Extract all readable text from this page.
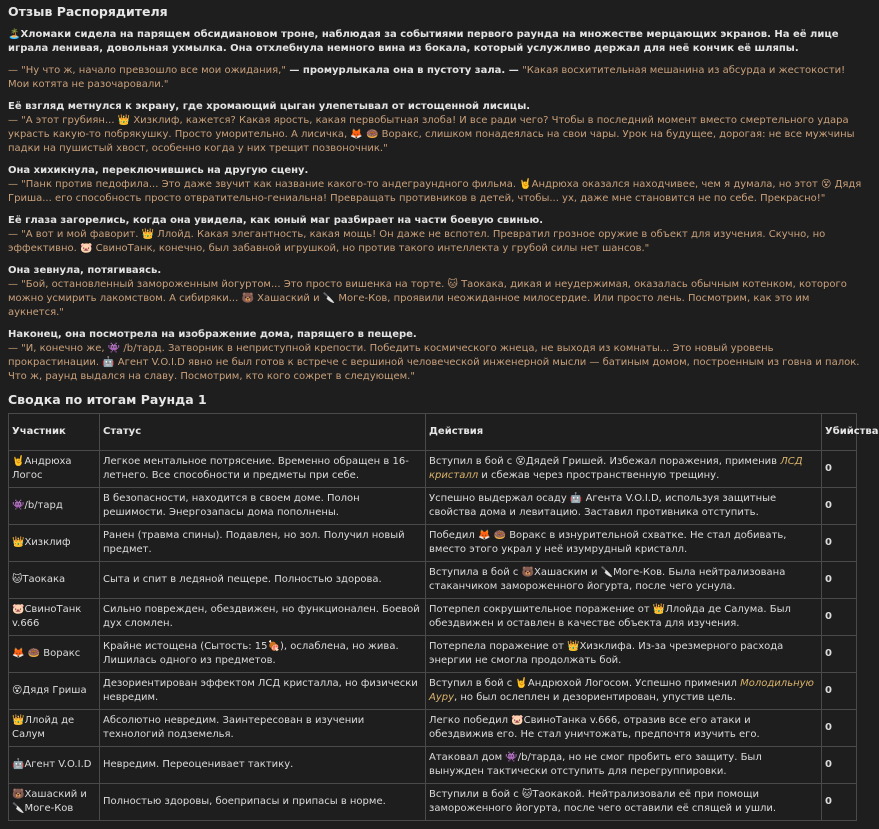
Отзыв Распорядителя

🏝️Хломаки сидела на парящем обсидиановом троне, наблюдая за событиями первого раунда на множестве мерцающих экранов. На её лице играла ленивая, довольная ухмылка. Она отхлебнула немного вина из бокала, который услужливо держал для неё кончик её шляпы.

— "Ну что ж, начало превзошло все мои ожидания," — промурлыкала она в пустоту зала. — "Какая восхитительная мешанина из абсурда и жестокости! Мои котята не разочаровали."

Её взгляд метнулся к экрану, где хромающий цыган улепетывал от истощенной лисицы.
— "А этот грубиян... 👑 Хизклиф, кажется? Какая ярость, какая первобытная злоба! И все ради чего? Чтобы в последний момент вместо смертельного удара украсть какую-то побрякушку. Просто уморительно. А лисичка, 🦊 🍩 Воракс, слишком понадеялась на свои чары. Урок на будущее, дорогая: не все мужчины падки на пушистый хвост, особенно когда у них трещит позвоночник."

Она хихикнула, переключившись на другую сцену.
— "Панк против педофила... Это даже звучит как название какого-то андеграундного фильма. 🤘Андрюха оказался находчивее, чем я думала, но этот 😵 Дядя Гриша... его способность просто отвратительно-гениальна! Превращать противников в детей, чтобы... ух, даже мне становится не по себе. Прекрасно!"

Её глаза загорелись, когда она увидела, как юный маг разбирает на части боевую свинью.
— "А вот и мой фаворит. 👑 Ллойд. Какая элегантность, какая мощь! Он даже не вспотел. Превратил грозное оружие в объект для изучения. Скучно, но эффективно. 🐷 СвиноТанк, конечно, был забавной игрушкой, но против такого интеллекта у грубой силы нет шансов."

Она зевнула, потягиваясь.
— "Бой, остановленный замороженным йогуртом... Это просто вишенка на торте. 🐱 Таокака, дикая и неудержимая, оказалась обычным котенком, которого можно усмирить лакомством. А сибиряки... 🐻 Хашаский и 🔪 Моге-Ков, проявили неожиданное милосердие. Или просто лень. Посмотрим, как это им аукнется."

Наконец, она посмотрела на изображение дома, парящего в пещере.
— "И, конечно же, 👾 /b/тард. Затворник в неприступной крепости. Победить космического жнеца, не выходя из комнаты... Это новый уровень прокрастинации. 🤖 Агент V.O.I.D явно не был готов к встрече с вершиной человеческой инженерной мысли — батиным домом, построенным из говна и палок. Что ж, раунд выдался на славу. Посмотрим, кто кого сожрет в следующем."

Сводка по итогам Раунда 1
Участник	Статус	Действия	Убийства
🤘Андрюха Логос	Легкое ментальное потрясение. Временно обращен в 16-летнего. Все способности и предметы при себе.	Вступил в бой с 😵Дядей Гришей. Избежал поражения, применив ЛСД кристалл и сбежав через пространственную трещину.	0
👾/b/тард	В безопасности, находится в своем доме. Полон решимости. Энергозапасы дома пополнены.	Успешно выдержал осаду 🤖 Агента V.O.I.D, используя защитные свойства дома и левитацию. Заставил противника отступить.	0
👑Хизклиф	Ранен (травма спины). Подавлен, но зол. Получил новый предмет.	Победил 🦊 🍩 Воракс в изнурительной схватке. Не стал добивать, вместо этого украл у неё изумрудный кристалл.	0
🐱Таокака	Сыта и спит в ледяной пещере. Полностью здорова.	Вступила в бой с 🐻Хашаским и 🔪Моге-Ков. Была нейтрализована стаканчиком замороженного йогурта, после чего уснула.	0
🐷СвиноТанк v.666	Сильно поврежден, обездвижен, но функционален. Боевой дух сломлен.	Потерпел сокрушительное поражение от 👑Ллойда де Салума. Был обездвижен и оставлен в качестве объекта для изучения.	0
🦊 🍩 Воракс	Крайне истощена (Сытость: 15🍖), ослаблена, но жива. Лишилась одного из предметов.	Потерпела поражение от 👑Хизклифа. Из-за чрезмерного расхода энергии не смогла продолжать бой.	0
😵Дядя Гриша	Дезориентирован эффектом ЛСД кристалла, но физически невредим.	Вступил в бой с 🤘Андрюхой Логосом. Успешно применил Молодильную Ауру, но был ослеплен и дезориентирован, упустив цель.	0
👑Ллойд де Салум	Абсолютно невредим. Заинтересован в изучении технологий подземелья.	Легко победил 🐷СвиноТанка v.666, отразив все его атаки и обездвижив его. Не стал уничтожать, предпочтя изучить его.	0
🤖Агент V.O.I.D	Невредим. Переоценивает тактику.	Атаковал дом 👾/b/тарда, но не смог пробить его защиту. Был вынужден тактически отступить для перегруппировки.	0
🐻Хашаский и 🔪Моге-Ков	Полностью здоровы, боеприпасы и припасы в норме.	Вступили в бой с 🐱Таокакой. Нейтрализовали её при помощи замороженного йогурта, после чего оставили её спящей и ушли.	0
